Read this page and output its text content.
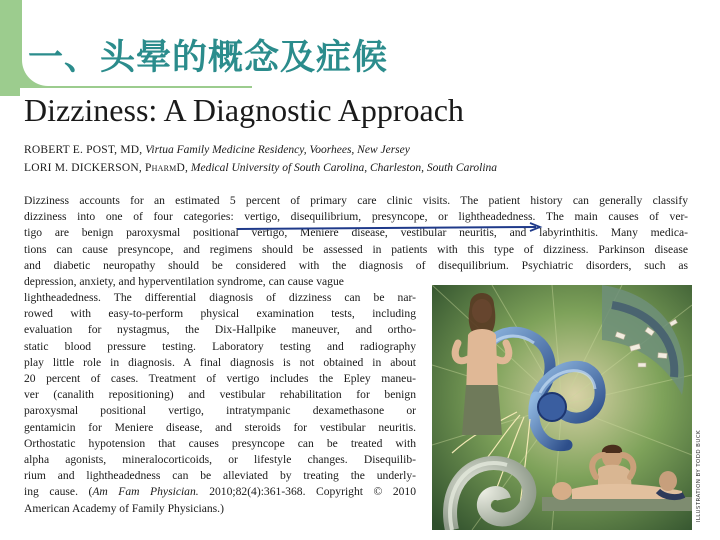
一、头晕的概念及症候
Dizziness: A Diagnostic Approach
ROBERT E. POST, MD, Virtua Family Medicine Residency, Voorhees, New Jersey
LORI M. DICKERSON, PharmD, Medical University of South Carolina, Charleston, South Carolina
Dizziness accounts for an estimated 5 percent of primary care clinic visits. The patient history can generally classify
dizziness into one of four categories: vertigo, disequilibrium, presyncope, or lightheadedness. The main causes of ver-
tigo are benign paroxysmal positional vertigo, Meniere disease, vestibular neuritis, and labyrinthitis. Many medica-
tions can cause presyncope, and regimens should be assessed in patients with this type of dizziness. Parkinson disease
and diabetic neuropathy should be considered with the diagnosis of disequilibrium. Psychiatric disorders, such as
depression, anxiety, and hyperventilation syndrome, can cause vague
lightheadedness. The differential diagnosis of dizziness can be nar-
rowed with easy-to-perform physical examination tests, including
evaluation for nystagmus, the Dix-Hallpike maneuver, and ortho-
static blood pressure testing. Laboratory testing and radiography
play little role in diagnosis. A final diagnosis is not obtained in about
20 percent of cases. Treatment of vertigo includes the Epley maneu-
ver (canalith repositioning) and vestibular rehabilitation for benign
paroxysmal positional vertigo, intratympanic dexamethasone or
gentamicin for Meniere disease, and steroids for vestibular neuritis.
Orthostatic hypotension that causes presyncope can be treated with
alpha agonists, mineralocorticoids, or lifestyle changes. Disequilib-
rium and lightheadedness can be alleviated by treating the underly-
ing cause. (Am Fam Physician. 2010;82(4):361-368. Copyright © 2010
American Academy of Family Physicians.)	ILLUSTRATION BY TODD BUCK
